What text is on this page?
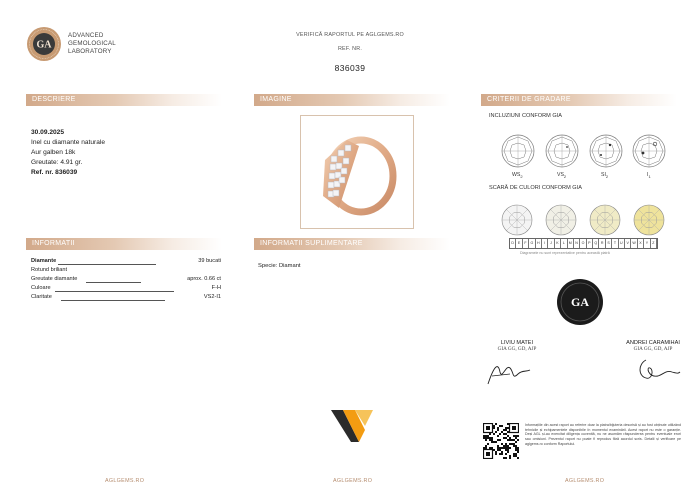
GA
ADVANCED
GEMOLOGICAL
LABORATORY
VERIFICĂ RAPORTUL PE AGLGEMS.RO
REF. NR.
836039
DESCRIERE	IMAGINE	CRITERII DE GRADARE
INFORMATII	INFORMATII SUPLIMENTARE
30.09.2025
Inel cu diamante naturale
Aur galben 18k
Greutate: 4.91 gr.
Ref. nr. 836039
INCLUZIUNI CONFORM GIA
$WS_2$	$VS_2$	$SI_2$	$I_1$
SCARĂ DE CULORI CONFORM GIA
D	E	F	G	H	I	J	K	L	M N	O	P	Q	R	S	T	U	V W X	Y	Z
Diagramele nu sunt reprezentative pentru această piatră
Diamante	39 bucati
Rotund briliant
Greutate diamante	aprox. 0.66 ct
Culoare	F-H
Claritate	VS2-I1
Specie: Diamant
GA
LIVIU MATEI
GIA GG, GD, AJP
ANDREI CARAMIHAI
GIA GG, GD, AJP
Informațiile din acest raport au referire doar la piatra/bijuteria descrisă și au fost obținute utilizând tehnicile și echipamentele disponibile în momentul examinării. Acest raport nu este o garanție. Deși AGL și-au exercitat diligența cuvenită, nu ne asumăm răspunderea pentru eventuale erori sau omisiuni. Prezentul raport nu poate fi reprodus fără acordul scris. Detalii și verificare pe aglgems.ro conform Raportului.
AGLGEMS.RO	AGLGEMS.RO	AGLGEMS.RO
